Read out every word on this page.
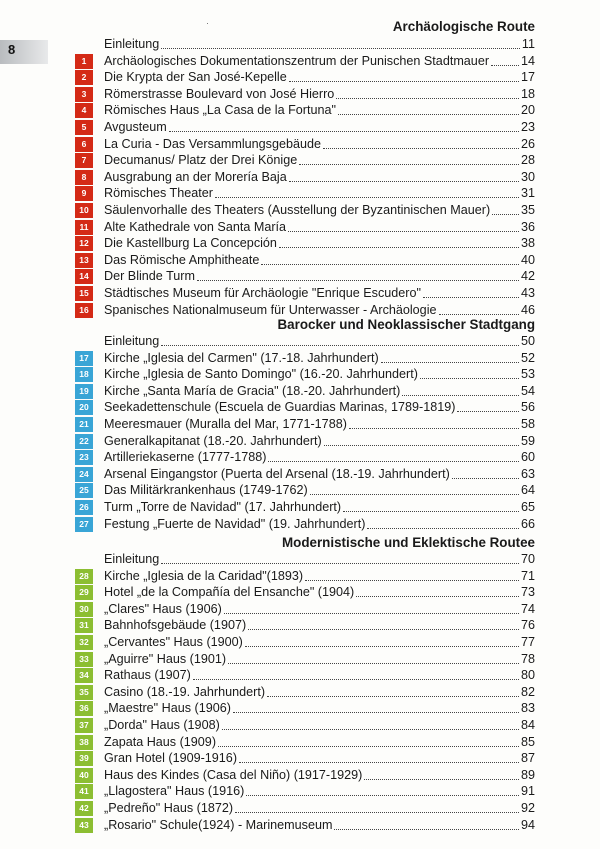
8
·	Archäologische Route
Einleitung	11
1	Archäologisches Dokumentationszentrum der Punischen Stadtmauer	14
2	Die Krypta der San José-Kepelle	17
3	Römerstrasse Boulevard von José Hierro	18
4	Römisches Haus „La Casa de la Fortuna"	20
5	Avgusteum	23
6	La Curia - Das Versammlungsgebäude	26
7	Decumanus/ Platz der Drei Könige	28
8	Ausgrabung an der Morería Baja	30
9	Römisches Theater	31
10	Säulenvorhalle des Theaters (Ausstellung der Byzantinischen Mauer) 35
11	Alte Kathedrale von Santa María	36
12	Die Kastellburg La Concepción	38
13	Das Römische Amphitheate	40
14	Der Blinde Turm	42
15	Städtisches Museum für Archäologie "Enrique Escudero"	43
16	Spanisches Nationalmuseum für Unterwasser - Archäologie	46
Barocker und Neoklassischer Stadtgang
Einleitung	50
17	Kirche „Iglesia del Carmen" (17.-18. Jahrhundert)	52
18	Kirche „Iglesia de Santo Domingo" (16.-20. Jahrhundert)	53
19	Kirche „Santa María de Gracia" (18.-20. Jahrhundert)	54
20	Seekadettenschule (Escuela de Guardias Marinas, 1789-1819)	56
21	Meeresmauer (Muralla del Mar, 1771-1788)	58
22	Generalkapitanat (18.-20. Jahrhundert)	59
23	Artilleriekaserne (1777-1788)	60
24	Arsenal Eingangstor (Puerta del Arsenal (18.-19. Jahrhundert)	63
25	Das Militärkrankenhaus (1749-1762)	64
26	Turm „Torre de Navidad" (17. Jahrhundert)	65
27	Festung „Fuerte de Navidad" (19. Jahrhundert)	66
Modernistische und Eklektische Routee
Einleitung	70
28	Kirche „Iglesia de la Caridad"(1893)	71
29	Hotel „de la Compañía del Ensanche" (1904)	73
30	„Clares" Haus (1906)	74
31	Bahnhofsgebäude (1907)	76
32	„Cervantes" Haus (1900)	77
33	„Aguirre" Haus (1901)	78
34	Rathaus (1907)	80
35	Casino (18.-19. Jahrhundert)	82
36	„Maestre" Haus (1906)	83
37	„Dorda" Haus (1908)	84
38	Zapata Haus (1909)	85
39	Gran Hotel (1909-1916)	87
40	Haus des Kindes (Casa del Niño) (1917-1929)	89
41	„Llagostera" Haus (1916)	91
42	„Pedreño" Haus (1872)	92
43	„Rosario" Schule(1924) - Marinemuseum	94
